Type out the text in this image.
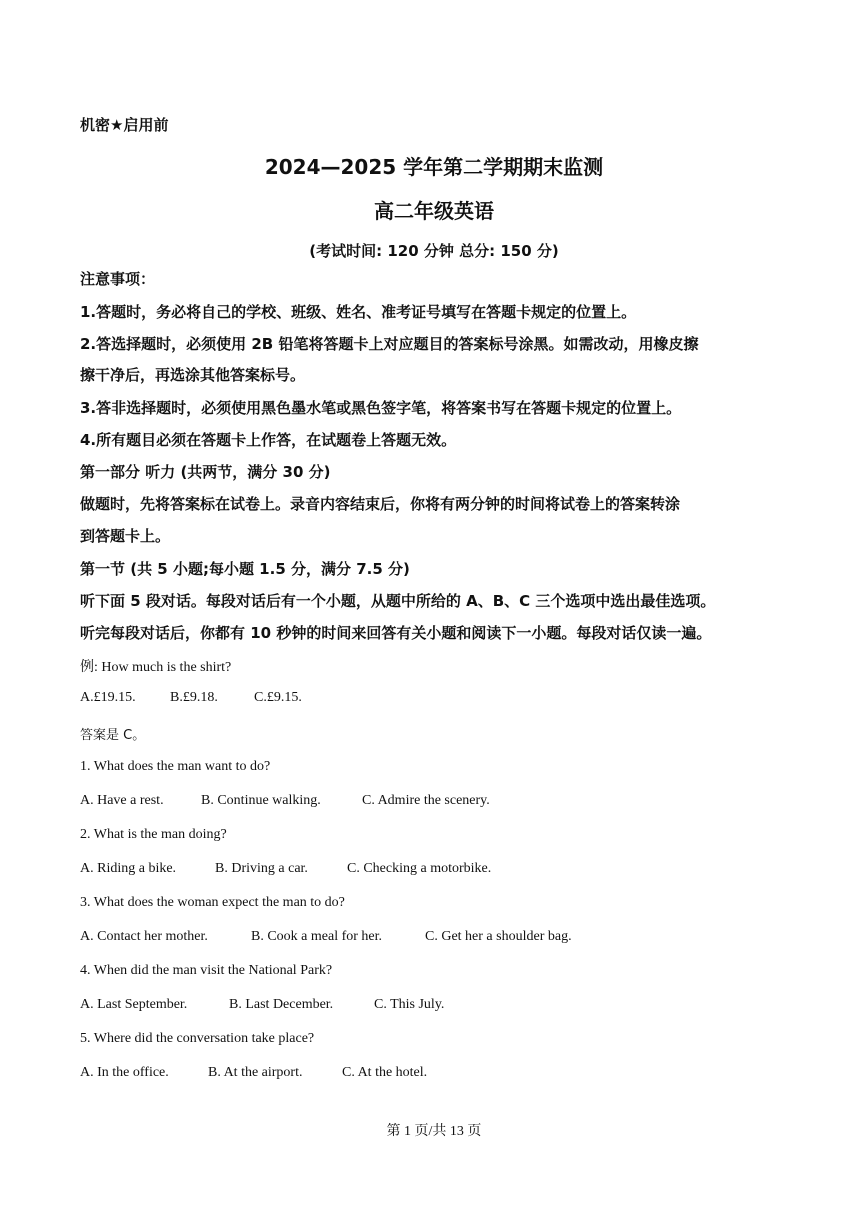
机密★启用前

2024—2025 学年第二学期期末监测

高二年级英语

(考试时间: 120 分钟 总分: 150 分)

注意事项：

1.答题时，务必将自己的学校、班级、姓名、准考证号填写在答题卡规定的位置上。

2.答选择题时，必须使用 2B 铅笔将答题卡上对应题目的答案标号涂黑。如需改动，用橡皮擦

擦干净后，再选涂其他答案标号。

3.答非选择题时，必须使用黑色墨水笔或黑色签字笔，将答案书写在答题卡规定的位置上。

4.所有题目必须在答题卡上作答，在试题卷上答题无效。

第一部分 听力 (共两节，满分 30 分)

做题时，先将答案标在试卷上。录音内容结束后，你将有两分钟的时间将试卷上的答案转涂

到答题卡上。

第一节 (共 5 小题;每小题 1.5 分，满分 7.5 分)

听下面 5 段对话。每段对话后有一个小题，从题中所给的 A、B、C 三个选项中选出最佳选项。

听完每段对话后，你都有 10 秒钟的时间来回答有关小题和阅读下一小题。每段对话仅读一遍。

例: How much is the shirt?

A.£19.15. B.£9.18.	C.£9.15.

答案是 C。

1. What does the man want to do?

A. Have a rest.	B. Continue walking.	C. Admire the scenery.

2. What is the man doing?

A. Riding a bike.	B. Driving a car.	C. Checking a motorbike.

3. What does the woman expect the man to do?

A. Contact her mother.	B. Cook a meal for her.	C. Get her a shoulder bag.

4. When did the man visit the National Park?

A. Last September.	B. Last December.	C. This July.

5. Where did the conversation take place?

A. In the office.	B. At the airport.	C. At the hotel.

第 1 页/共 13 页
